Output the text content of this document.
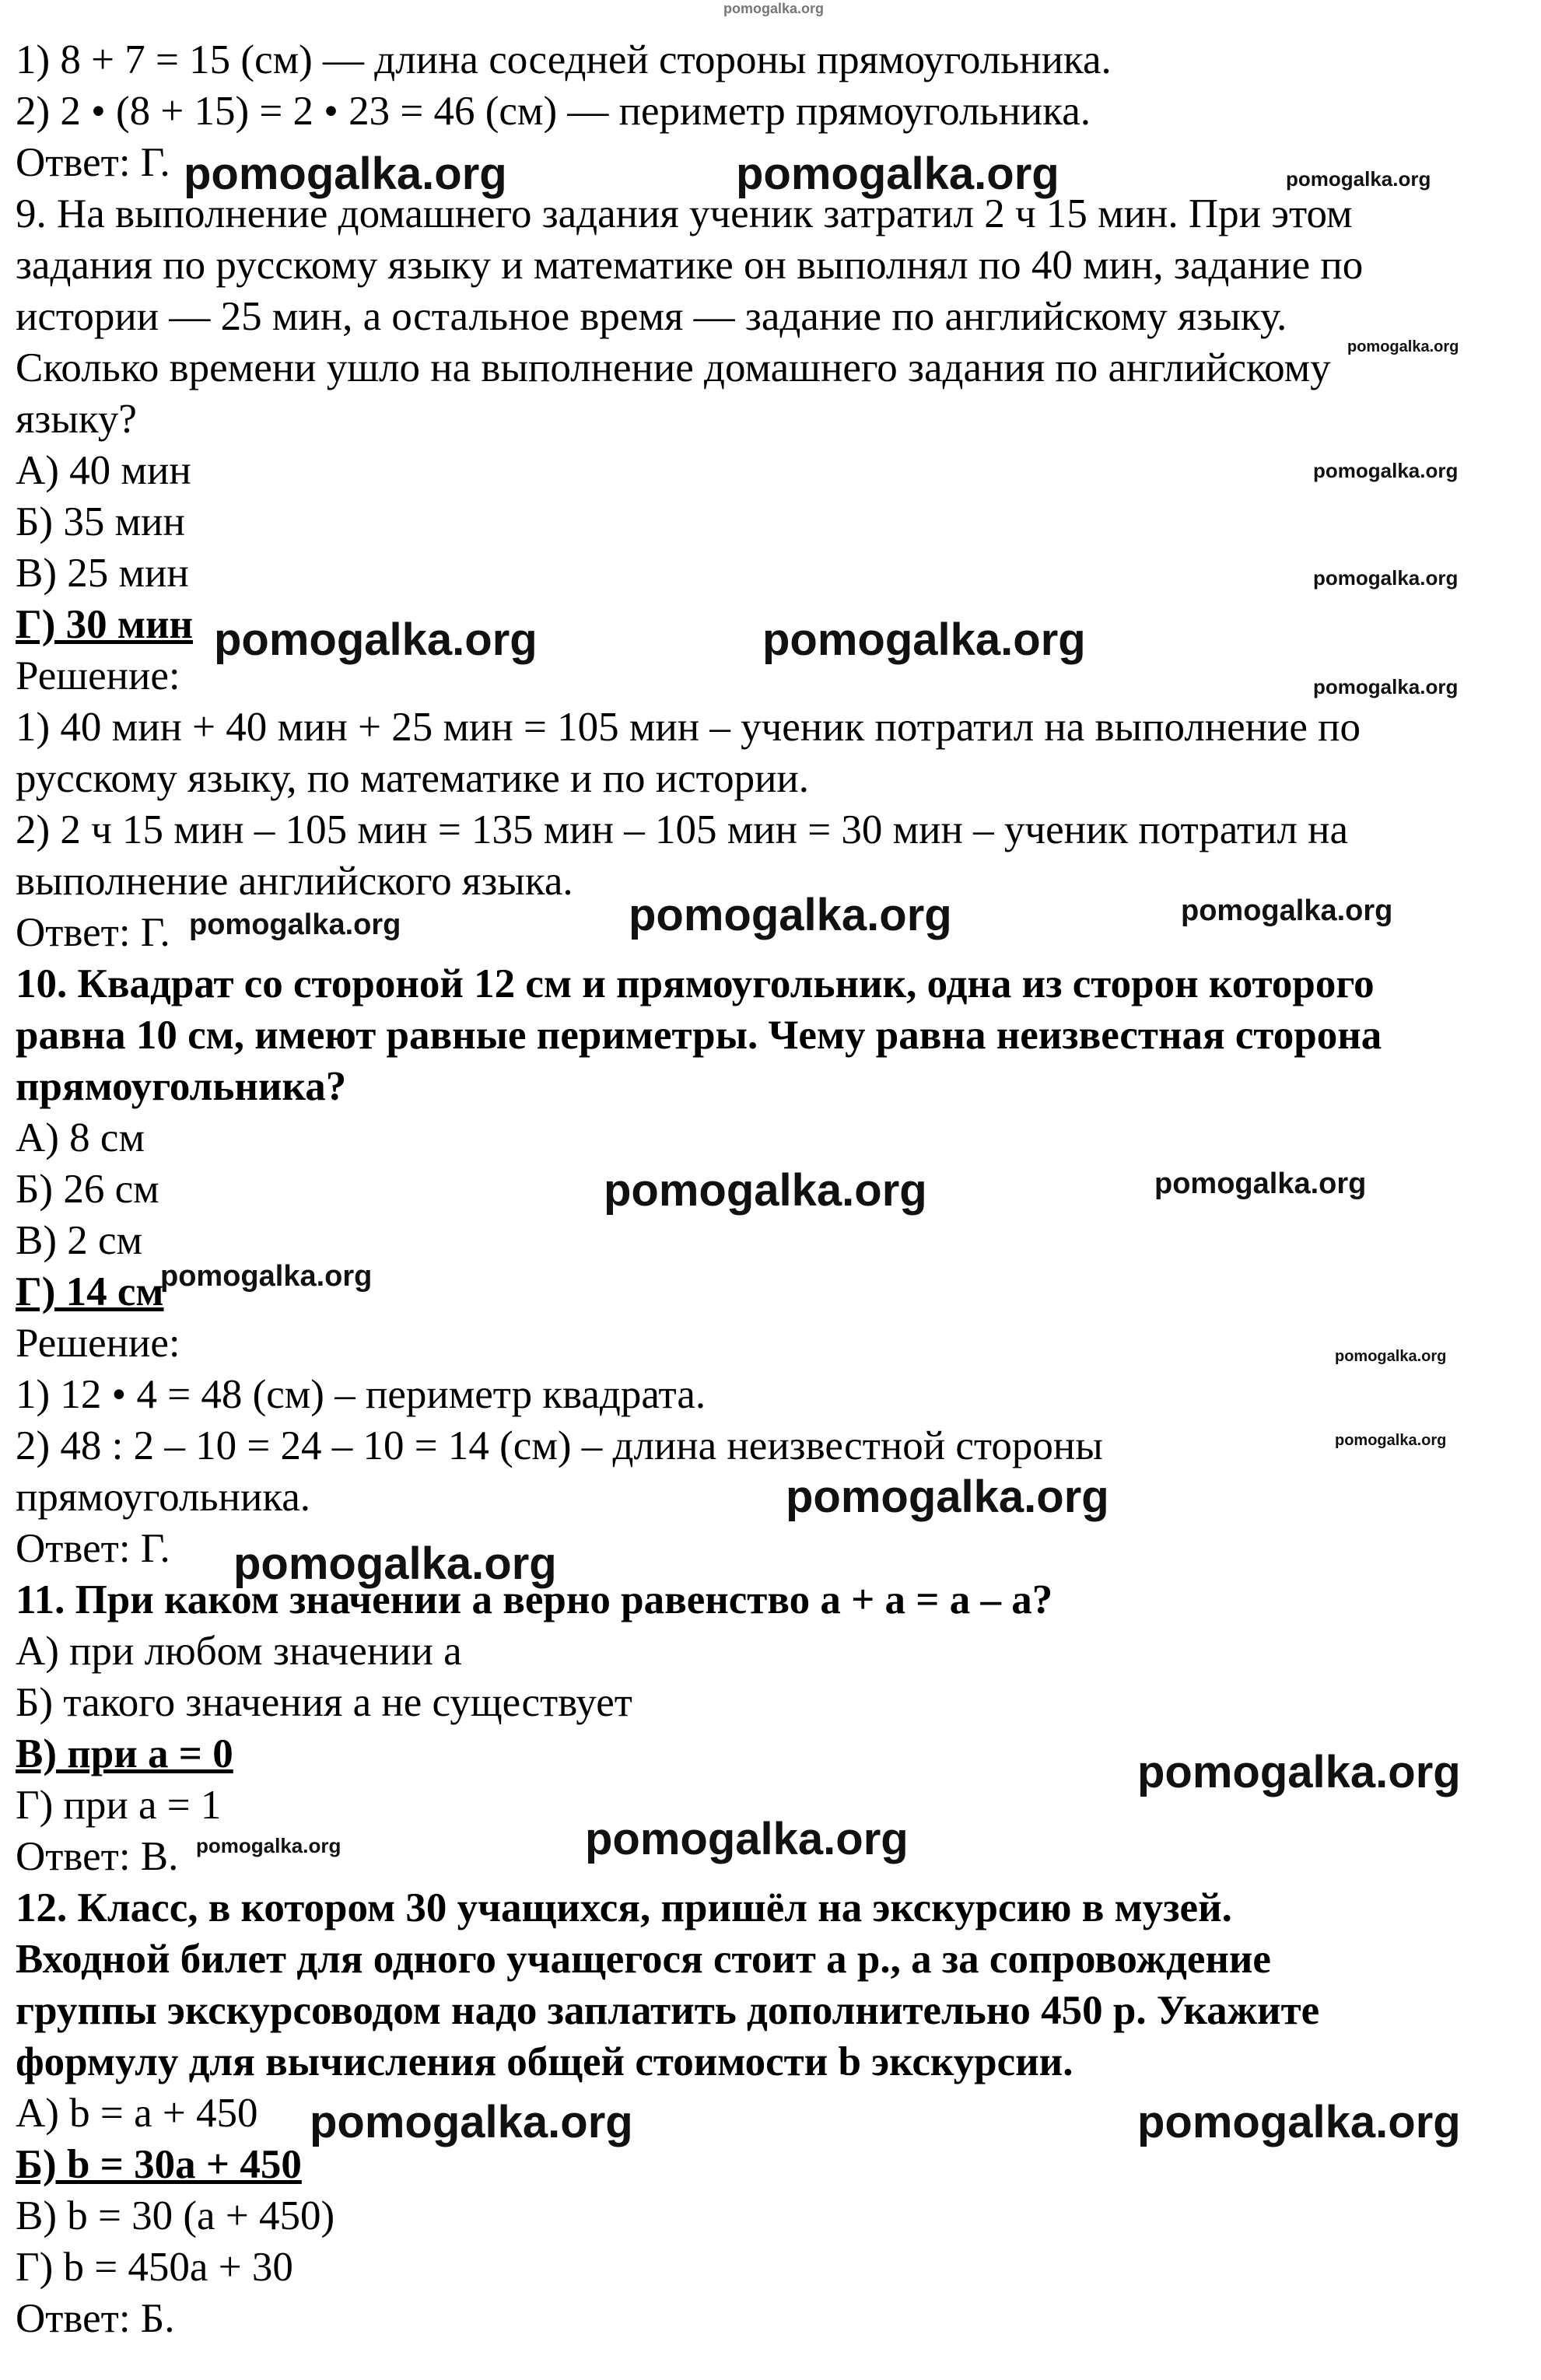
pomogalka.org
1) 8 + 7 = 15 (см) — длина соседней стороны прямоугольника.
2) 2 • (8 + 15) = 2 • 23 = 46 (см) — периметр прямоугольника.
Ответ: Г.
9. На выполнение домашнего задания ученик затратил 2 ч 15 мин. При этом
задания по русскому языку и математике он выполнял по 40 мин, задание по
истории — 25 мин, а остальное время — задание по английскому языку.
Сколько времени ушло на выполнение домашнего задания по английскому
языку?
А) 40 мин
Б) 35 мин
В) 25 мин
Г) 30 мин
Решение:
1) 40 мин + 40 мин + 25 мин = 105 мин – ученик потратил на выполнение по
русскому языку, по математике и по истории.
2) 2 ч 15 мин – 105 мин = 135 мин – 105 мин = 30 мин – ученик потратил на
выполнение английского языка.
Ответ: Г.
10. Квадрат со стороной 12 см и прямоугольник, одна из сторон которого
равна 10 см, имеют равные периметры. Чему равна неизвестная сторона
прямоугольника?
А) 8 см
Б) 26 см
В) 2 см
Г) 14 см
Решение:
1) 12 • 4 = 48 (см) – периметр квадрата.
2) 48 : 2 – 10 = 24 – 10 = 14 (см) – длина неизвестной стороны
прямоугольника.
Ответ: Г.
11. При каком значении а верно равенство а + а = а – а?
А) при любом значении а
Б) такого значения а не существует
В) при а = 0
Г) при а = 1
Ответ: В.
12. Класс, в котором 30 учащихся, пришёл на экскурсию в музей.
Входной билет для одного учащегося стоит а р., а за сопровождение
группы экскурсоводом надо заплатить дополнительно 450 р. Укажите
формулу для вычисления общей стоимости b экскурсии.
А) b = a + 450
Б) b = 30a + 450
В) b = 30 (a + 450)
Г) b = 450a + 30
Ответ: Б.
pomogalka.org	pomogalka.org	pomogalka.org
pomogalka.org
pomogalka.org
pomogalka.org
pomogalka.org	pomogalka.org
pomogalka.org
pomogalka.org	pomogalka.org	pomogalka.org
pomogalka.org	pomogalka.org
pomogalka.org
pomogalka.org
pomogalka.org
pomogalka.org
pomogalka.org
pomogalka.org
pomogalka.org	pomogalka.org
pomogalka.org	pomogalka.org
